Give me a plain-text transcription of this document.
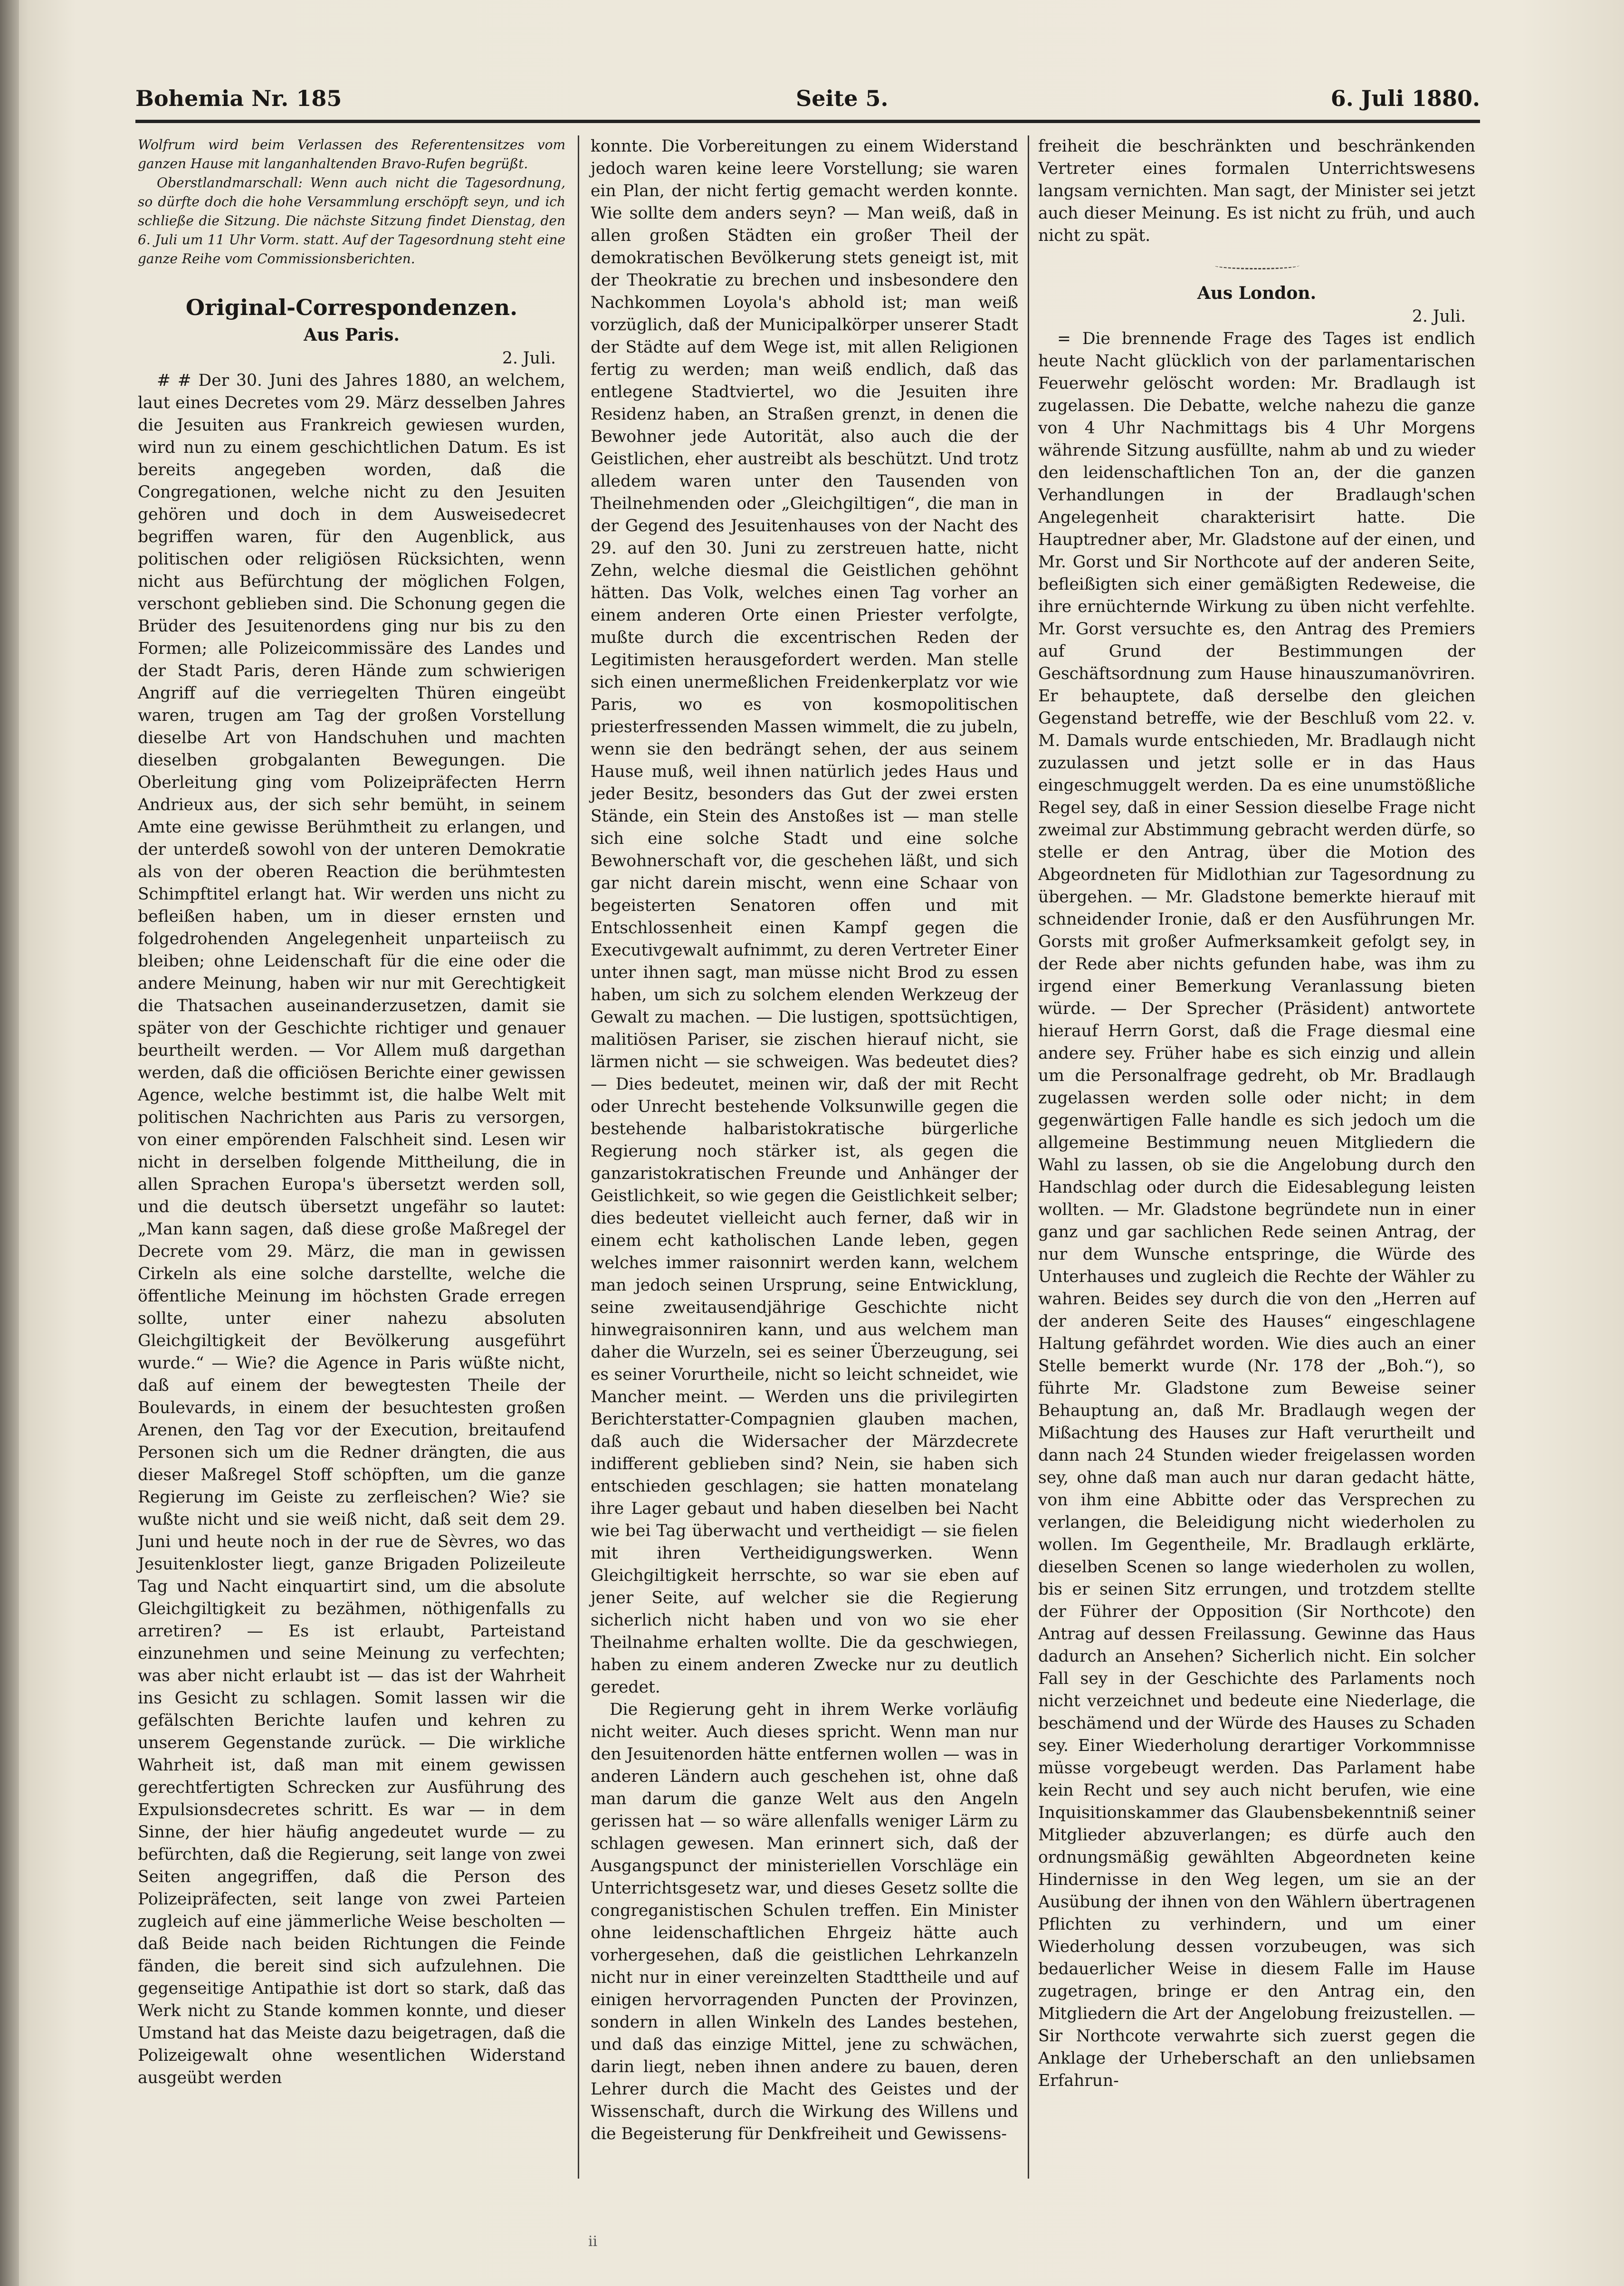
Bohemia Nr. 185	Seite 5.	6. Juli 1880.

Wolfrum wird beim Verlassen des Referentensitzes vom ganzen Hause mit langanhaltenden Bravo-Rufen begrüßt.

Oberstlandmarschall: Wenn auch nicht die Tagesordnung, so dürfte doch die hohe Versammlung erschöpft seyn, und ich schließe die Sitzung. Die nächste Sitzung findet Dienstag, den 6. Juli um 11 Uhr Vorm. statt. Auf der Tagesordnung steht eine ganze Reihe vom Commissionsberichten.

Original-Correspondenzen.
Aus Paris.
2. Juli.

# # Der 30. Juni des Jahres 1880, an welchem, laut eines Decretes vom 29. März desselben Jahres die Jesuiten aus Frankreich gewiesen wurden, wird nun zu einem geschichtlichen Datum. Es ist bereits angegeben worden, daß die Congregationen, welche nicht zu den Jesuiten gehören und doch in dem Ausweisedecret begriffen waren, für den Augenblick, aus politischen oder religiösen Rücksichten, wenn nicht aus Befürchtung der möglichen Folgen, verschont geblieben sind. Die Schonung gegen die Brüder des Jesuitenordens ging nur bis zu den Formen; alle Polizeicommissäre des Landes und der Stadt Paris, deren Hände zum schwierigen Angriff auf die verriegelten Thüren eingeübt waren, trugen am Tag der großen Vorstellung dieselbe Art von Handschuhen und machten dieselben grobgalanten Bewegungen. Die Oberleitung ging vom Polizeipräfecten Herrn Andrieux aus, der sich sehr bemüht, in seinem Amte eine gewisse Berühmtheit zu erlangen, und der unterdeß sowohl von der unteren Demokratie als von der oberen Reaction die berühmtesten Schimpftitel erlangt hat. Wir werden uns nicht zu befleißen haben, um in dieser ernsten und folgedrohenden Angelegenheit unparteiisch zu bleiben; ohne Leidenschaft für die eine oder die andere Meinung, haben wir nur mit Gerechtigkeit die Thatsachen auseinanderzusetzen, damit sie später von der Geschichte richtiger und genauer beurtheilt werden. — Vor Allem muß dargethan werden, daß die officiösen Berichte einer gewissen Agence, welche bestimmt ist, die halbe Welt mit politischen Nachrichten aus Paris zu versorgen, von einer empörenden Falschheit sind. Lesen wir nicht in derselben folgende Mittheilung, die in allen Sprachen Europa's übersetzt werden soll, und die deutsch übersetzt ungefähr so lautet: „Man kann sagen, daß diese große Maßregel der Decrete vom 29. März, die man in gewissen Cirkeln als eine solche darstellte, welche die öffentliche Meinung im höchsten Grade erregen sollte, unter einer nahezu absoluten Gleichgiltigkeit der Bevölkerung ausgeführt wurde.“ — Wie? die Agence in Paris wüßte nicht, daß auf einem der bewegtesten Theile der Boulevards, in einem der besuchtesten großen Arenen, den Tag vor der Execution, breitaufend Personen sich um die Redner drängten, die aus dieser Maßregel Stoff schöpften, um die ganze Regierung im Geiste zu zerfleischen? Wie? sie wußte nicht und sie weiß nicht, daß seit dem 29. Juni und heute noch in der rue de Sèvres, wo das Jesuitenkloster liegt, ganze Brigaden Polizeileute Tag und Nacht einquartirt sind, um die absolute Gleichgiltigkeit zu bezähmen, nöthigenfalls zu arretiren? — Es ist erlaubt, Parteistand einzunehmen und seine Meinung zu verfechten; was aber nicht erlaubt ist — das ist der Wahrheit ins Gesicht zu schlagen. Somit lassen wir die gefälschten Berichte laufen und kehren zu unserem Gegenstande zurück. — Die wirkliche Wahrheit ist, daß man mit einem gewissen gerechtfertigten Schrecken zur Ausführung des Expulsionsdecretes schritt. Es war — in dem Sinne, der hier häufig angedeutet wurde — zu befürchten, daß die Regierung, seit lange von zwei Seiten angegriffen, daß die Person des Polizeipräfecten, seit lange von zwei Parteien zugleich auf eine jämmerliche Weise bescholten — daß Beide nach beiden Richtungen die Feinde fänden, die bereit sind sich aufzulehnen. Die gegenseitige Antipathie ist dort so stark, daß das Werk nicht zu Stande kommen konnte, und dieser Umstand hat das Meiste dazu beigetragen, daß die Polizeigewalt ohne wesentlichen Widerstand ausgeübt werden

konnte. Die Vorbereitungen zu einem Widerstand jedoch waren keine leere Vorstellung; sie waren ein Plan, der nicht fertig gemacht werden konnte. Wie sollte dem anders seyn? — Man weiß, daß in allen großen Städten ein großer Theil der demokratischen Bevölkerung stets geneigt ist, mit der Theokratie zu brechen und insbesondere den Nachkommen Loyola's abhold ist; man weiß vorzüglich, daß der Municipalkörper unserer Stadt der Städte auf dem Wege ist, mit allen Religionen fertig zu werden; man weiß endlich, daß das entlegene Stadtviertel, wo die Jesuiten ihre Residenz haben, an Straßen grenzt, in denen die Bewohner jede Autorität, also auch die der Geistlichen, eher austreibt als beschützt. Und trotz alledem waren unter den Tausenden von Theilnehmenden oder „Gleichgiltigen“, die man in der Gegend des Jesuitenhauses von der Nacht des 29. auf den 30. Juni zu zerstreuen hatte, nicht Zehn, welche diesmal die Geistlichen gehöhnt hätten. Das Volk, welches einen Tag vorher an einem anderen Orte einen Priester verfolgte, mußte durch die excentrischen Reden der Legitimisten herausgefordert werden. Man stelle sich einen unermeßlichen Freidenkerplatz vor wie Paris, wo es von kosmopolitischen priesterfressenden Massen wimmelt, die zu jubeln, wenn sie den bedrängt sehen, der aus seinem Hause muß, weil ihnen natürlich jedes Haus und jeder Besitz, besonders das Gut der zwei ersten Stände, ein Stein des Anstoßes ist — man stelle sich eine solche Stadt und eine solche Bewohnerschaft vor, die geschehen läßt, und sich gar nicht darein mischt, wenn eine Schaar von begeisterten Senatoren offen und mit Entschlossenheit einen Kampf gegen die Executivgewalt aufnimmt, zu deren Vertreter Einer unter ihnen sagt, man müsse nicht Brod zu essen haben, um sich zu solchem elenden Werkzeug der Gewalt zu machen. — Die lustigen, spottsüchtigen, malitiösen Pariser, sie zischen hierauf nicht, sie lärmen nicht — sie schweigen. Was bedeutet dies? — Dies bedeutet, meinen wir, daß der mit Recht oder Unrecht bestehende Volksunwille gegen die bestehende halbaristokratische bürgerliche Regierung noch stärker ist, als gegen die ganzaristokratischen Freunde und Anhänger der Geistlichkeit, so wie gegen die Geistlichkeit selber; dies bedeutet vielleicht auch ferner, daß wir in einem echt katholischen Lande leben, gegen welches immer raisonnirt werden kann, welchem man jedoch seinen Ursprung, seine Entwicklung, seine zweitausendjährige Geschichte nicht hinwegraisonniren kann, und aus welchem man daher die Wurzeln, sei es seiner Überzeugung, sei es seiner Vorurtheile, nicht so leicht schneidet, wie Mancher meint. — Werden uns die privilegirten Berichterstatter-Compagnien glauben machen, daß auch die Widersacher der Märzdecrete indifferent geblieben sind? Nein, sie haben sich entschieden geschlagen; sie hatten monatelang ihre Lager gebaut und haben dieselben bei Nacht wie bei Tag überwacht und vertheidigt — sie fielen mit ihren Vertheidigungswerken. Wenn Gleichgiltigkeit herrschte, so war sie eben auf jener Seite, auf welcher sie die Regierung sicherlich nicht haben und von wo sie eher Theilnahme erhalten wollte. Die da geschwiegen, haben zu einem anderen Zwecke nur zu deutlich geredet.

Die Regierung geht in ihrem Werke vorläufig nicht weiter. Auch dieses spricht. Wenn man nur den Jesuitenorden hätte entfernen wollen — was in anderen Ländern auch geschehen ist, ohne daß man darum die ganze Welt aus den Angeln gerissen hat — so wäre allenfalls weniger Lärm zu schlagen gewesen. Man erinnert sich, daß der Ausgangspunct der ministeriellen Vorschläge ein Unterrichtsgesetz war, und dieses Gesetz sollte die congreganistischen Schulen treffen. Ein Minister ohne leidenschaftlichen Ehrgeiz hätte auch vorhergesehen, daß die geistlichen Lehrkanzeln nicht nur in einer vereinzelten Stadttheile und auf einigen hervorragenden Puncten der Provinzen, sondern in allen Winkeln des Landes bestehen, und daß das einzige Mittel, jene zu schwächen, darin liegt, neben ihnen andere zu bauen, deren Lehrer durch die Macht des Geistes und der Wissenschaft, durch die Wirkung des Willens und die Begeisterung für Denkfreiheit und Gewissens-

freiheit die beschränkten und beschränkenden Vertreter eines formalen Unterrichtswesens langsam vernichten. Man sagt, der Minister sei jetzt auch dieser Meinung. Es ist nicht zu früh, und auch nicht zu spät.

Aus London.
2. Juli.

= Die brennende Frage des Tages ist endlich heute Nacht glücklich von der parlamentarischen Feuerwehr gelöscht worden: Mr. Bradlaugh ist zugelassen. Die Debatte, welche nahezu die ganze von 4 Uhr Nachmittags bis 4 Uhr Morgens währende Sitzung ausfüllte, nahm ab und zu wieder den leidenschaftlichen Ton an, der die ganzen Verhandlungen in der Bradlaugh'schen Angelegenheit charakterisirt hatte. Die Hauptredner aber, Mr. Gladstone auf der einen, und Mr. Gorst und Sir Northcote auf der anderen Seite, befleißigten sich einer gemäßigten Redeweise, die ihre ernüchternde Wirkung zu üben nicht verfehlte. Mr. Gorst versuchte es, den Antrag des Premiers auf Grund der Bestimmungen der Geschäftsordnung zum Hause hinauszumanövriren. Er behauptete, daß derselbe den gleichen Gegenstand betreffe, wie der Beschluß vom 22. v. M. Damals wurde entschieden, Mr. Bradlaugh nicht zuzulassen und jetzt solle er in das Haus eingeschmuggelt werden. Da es eine unumstößliche Regel sey, daß in einer Session dieselbe Frage nicht zweimal zur Abstimmung gebracht werden dürfe, so stelle er den Antrag, über die Motion des Abgeordneten für Midlothian zur Tagesordnung zu übergehen. — Mr. Gladstone bemerkte hierauf mit schneidender Ironie, daß er den Ausführungen Mr. Gorsts mit großer Aufmerksamkeit gefolgt sey, in der Rede aber nichts gefunden habe, was ihm zu irgend einer Bemerkung Veranlassung bieten würde. — Der Sprecher (Präsident) antwortete hierauf Herrn Gorst, daß die Frage diesmal eine andere sey. Früher habe es sich einzig und allein um die Personalfrage gedreht, ob Mr. Bradlaugh zugelassen werden solle oder nicht; in dem gegenwärtigen Falle handle es sich jedoch um die allgemeine Bestimmung neuen Mitgliedern die Wahl zu lassen, ob sie die Angelobung durch den Handschlag oder durch die Eidesablegung leisten wollten. — Mr. Gladstone begründete nun in einer ganz und gar sachlichen Rede seinen Antrag, der nur dem Wunsche entspringe, die Würde des Unterhauses und zugleich die Rechte der Wähler zu wahren. Beides sey durch die von den „Herren auf der anderen Seite des Hauses“ eingeschlagene Haltung gefährdet worden. Wie dies auch an einer Stelle bemerkt wurde (Nr. 178 der „Boh.“), so führte Mr. Gladstone zum Beweise seiner Behauptung an, daß Mr. Bradlaugh wegen der Mißachtung des Hauses zur Haft verurtheilt und dann nach 24 Stunden wieder freigelassen worden sey, ohne daß man auch nur daran gedacht hätte, von ihm eine Abbitte oder das Versprechen zu verlangen, die Beleidigung nicht wiederholen zu wollen. Im Gegentheile, Mr. Bradlaugh erklärte, dieselben Scenen so lange wiederholen zu wollen, bis er seinen Sitz errungen, und trotzdem stellte der Führer der Opposition (Sir Northcote) den Antrag auf dessen Freilassung. Gewinne das Haus dadurch an Ansehen? Sicherlich nicht. Ein solcher Fall sey in der Geschichte des Parlaments noch nicht verzeichnet und bedeute eine Niederlage, die beschämend und der Würde des Hauses zu Schaden sey. Einer Wiederholung derartiger Vorkommnisse müsse vorgebeugt werden. Das Parlament habe kein Recht und sey auch nicht berufen, wie eine Inquisitionskammer das Glaubensbekenntniß seiner Mitglieder abzuverlangen; es dürfe auch den ordnungsmäßig gewählten Abgeordneten keine Hindernisse in den Weg legen, um sie an der Ausübung der ihnen von den Wählern übertragenen Pflichten zu verhindern, und um einer Wiederholung dessen vorzubeugen, was sich bedauerlicher Weise in diesem Falle im Hause zugetragen, bringe er den Antrag ein, den Mitgliedern die Art der Angelobung freizustellen. — Sir Northcote verwahrte sich zuerst gegen die Anklage der Urheberschaft an den unliebsamen Erfahrun-

ii
